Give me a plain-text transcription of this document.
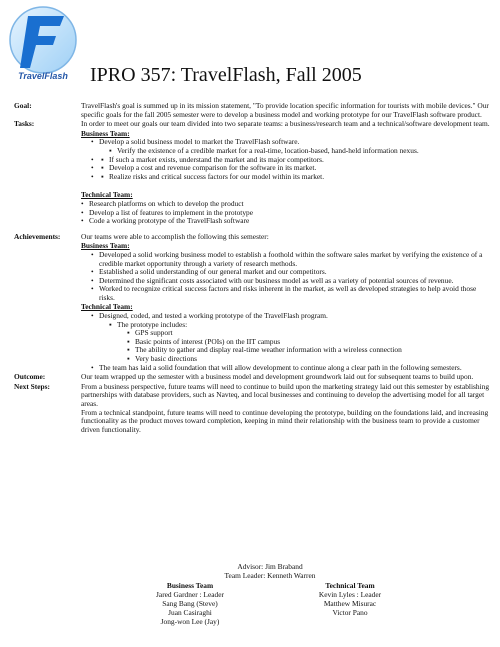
TravelFlash IPRO 357: TravelFlash, Fall 2005
Goal:	TravelFlash's goal is summed up in its mission statement, "To provide location specific information for tourists with mobile devices." Our specific goals for the fall 2005 semester were to develop a business model and working prototype for our TravelFlash software product.
Tasks:	In order to meet our goals our team divided into two separate teams: a business/research team and a technical/software development team.
Business Team:
• Develop a solid business model to market the TravelFlash software.
▪ Verify the existence of a credible market for a real-time, location-based, hand-held information nexus.
▪ • If such a market exists, understand the market and its major competitors.
▪ • Develop a cost and revenue comparison for the software in its market.
▪ • Realize risks and critical success factors for our model within its market.
Technical Team:
• Research platforms on which to develop the product
• Develop a list of features to implement in the prototype
• Code a working prototype of the TravelFlash software
Achievements:	Our teams were able to accomplish the following this semester:
Business Team:
• Developed a solid working business model to establish a foothold within the software sales market by verifying the existence of a credible market opportunity through a variety of research methods.
• Established a solid understanding of our general market and our competitors.
• Determined the significant costs associated with our business model as well as a variety of potential sources of revenue.
• Worked to recognize critical success factors and risks inherent in the market, as well as developed strategies to help avoid those risks.
Technical Team:
• Designed, coded, and tested a working prototype of the TravelFlash program.
▪ The prototype includes:
▪ GPS support
▪ Basic points of interest (POIs) on the IIT campus
▪ The ability to gather and display real-time weather information with a wireless connection
▪ Very basic directions
• The team has laid a solid foundation that will allow development to continue along a clear path in the following semesters.
Outcome:	Our team wrapped up the semester with a business model and development groundwork laid out for subsequent teams to build upon.
Next Steps:	From a business perspective, future teams will need to continue to build upon the marketing strategy laid out this semester by establishing partnerships with database providers, such as Navteq, and local businesses and continuing to develop the advertising model for all target areas.
From a technical standpoint, future teams will need to continue developing the prototype, building on the foundations laid, and increasing functionality as the product moves toward completion, keeping in mind their relationship with the business team to provide a customer driven functionality.
Advisor: Jim Braband
Team Leader: Kenneth Warren
Business Team
Jared Gardner : Leader
Sang Bang (Steve)
Juan Casiraghi
Jong-won Lee (Jay)
Technical Team
Kevin Lyles : Leader
Matthew Misurac
Victor Pano
